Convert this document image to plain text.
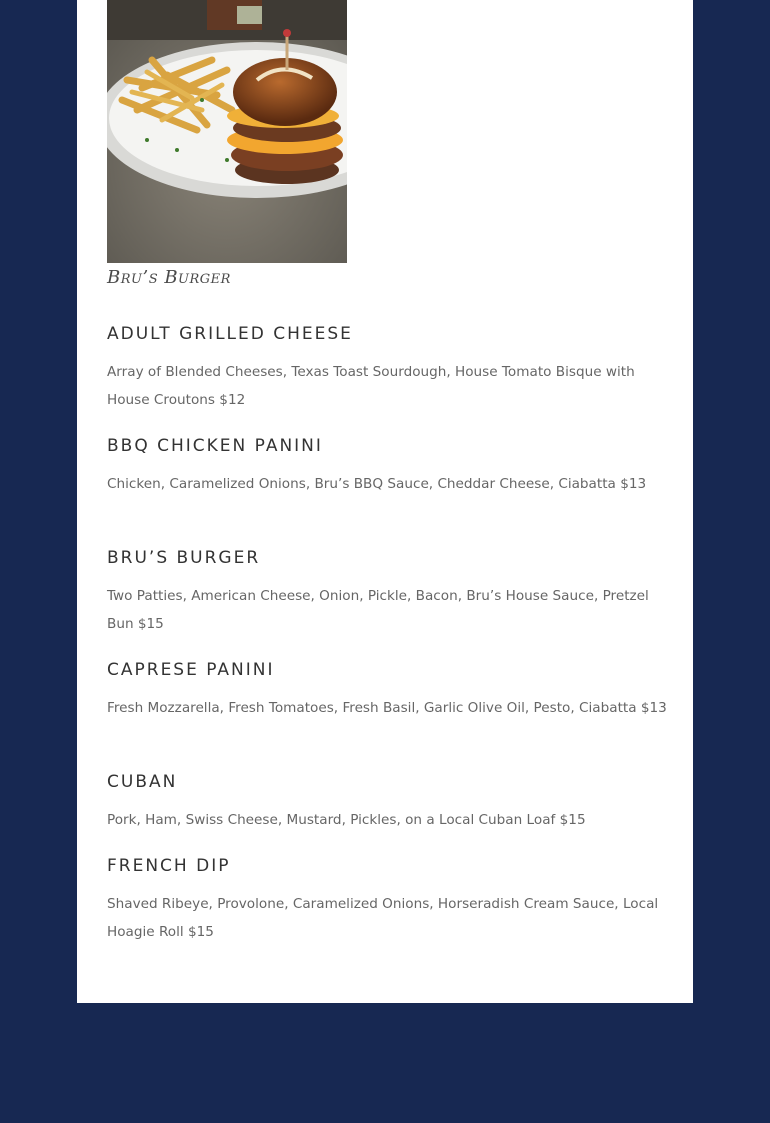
Bru’s Burger

ADULT GRILLED CHEESE

Array of Blended Cheeses, Texas Toast Sourdough, House Tomato Bisque with House Croutons $12

BBQ CHICKEN PANINI

Chicken, Caramelized Onions, Bru’s BBQ Sauce, Cheddar Cheese, Ciabatta $13

BRU’S BURGER

Two Patties, American Cheese, Onion, Pickle, Bacon, Bru’s House Sauce, Pretzel Bun $15

CAPRESE PANINI

Fresh Mozzarella, Fresh Tomatoes, Fresh Basil, Garlic Olive Oil, Pesto, Ciabatta $13

CUBAN

Pork, Ham, Swiss Cheese, Mustard, Pickles, on a Local Cuban Loaf $15

FRENCH DIP

Shaved Ribeye, Provolone, Caramelized Onions, Horseradish Cream Sauce, Local Hoagie Roll $15
